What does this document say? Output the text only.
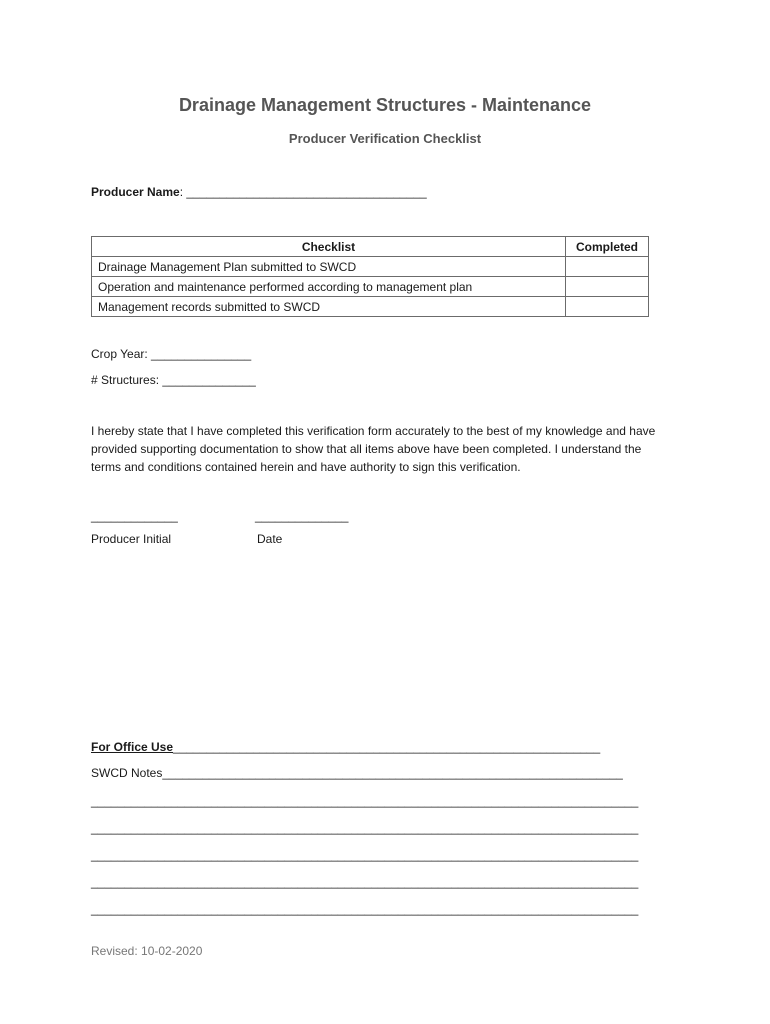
Drainage Management Structures - Maintenance
Producer Verification Checklist
Producer Name: ____________________________________
Checklist	Completed
Drainage Management Plan submitted to SWCD	
Operation and maintenance performed according to management plan	
Management records submitted to SWCD	
Crop Year: _______________
# Structures: ______________
I hereby state that I have completed this verification form accurately to the best of my knowledge and have provided supporting documentation to show that all items above have been completed. I understand the terms and conditions contained herein and have authority to sign this verification.
_____________	______________
Producer Initial	Date
For Office Use________________________________________________________________
SWCD Notes_____________________________________________________________________
__________________________________________________________________________________
__________________________________________________________________________________
__________________________________________________________________________________
__________________________________________________________________________________
__________________________________________________________________________________
Revised: 10-02-2020
